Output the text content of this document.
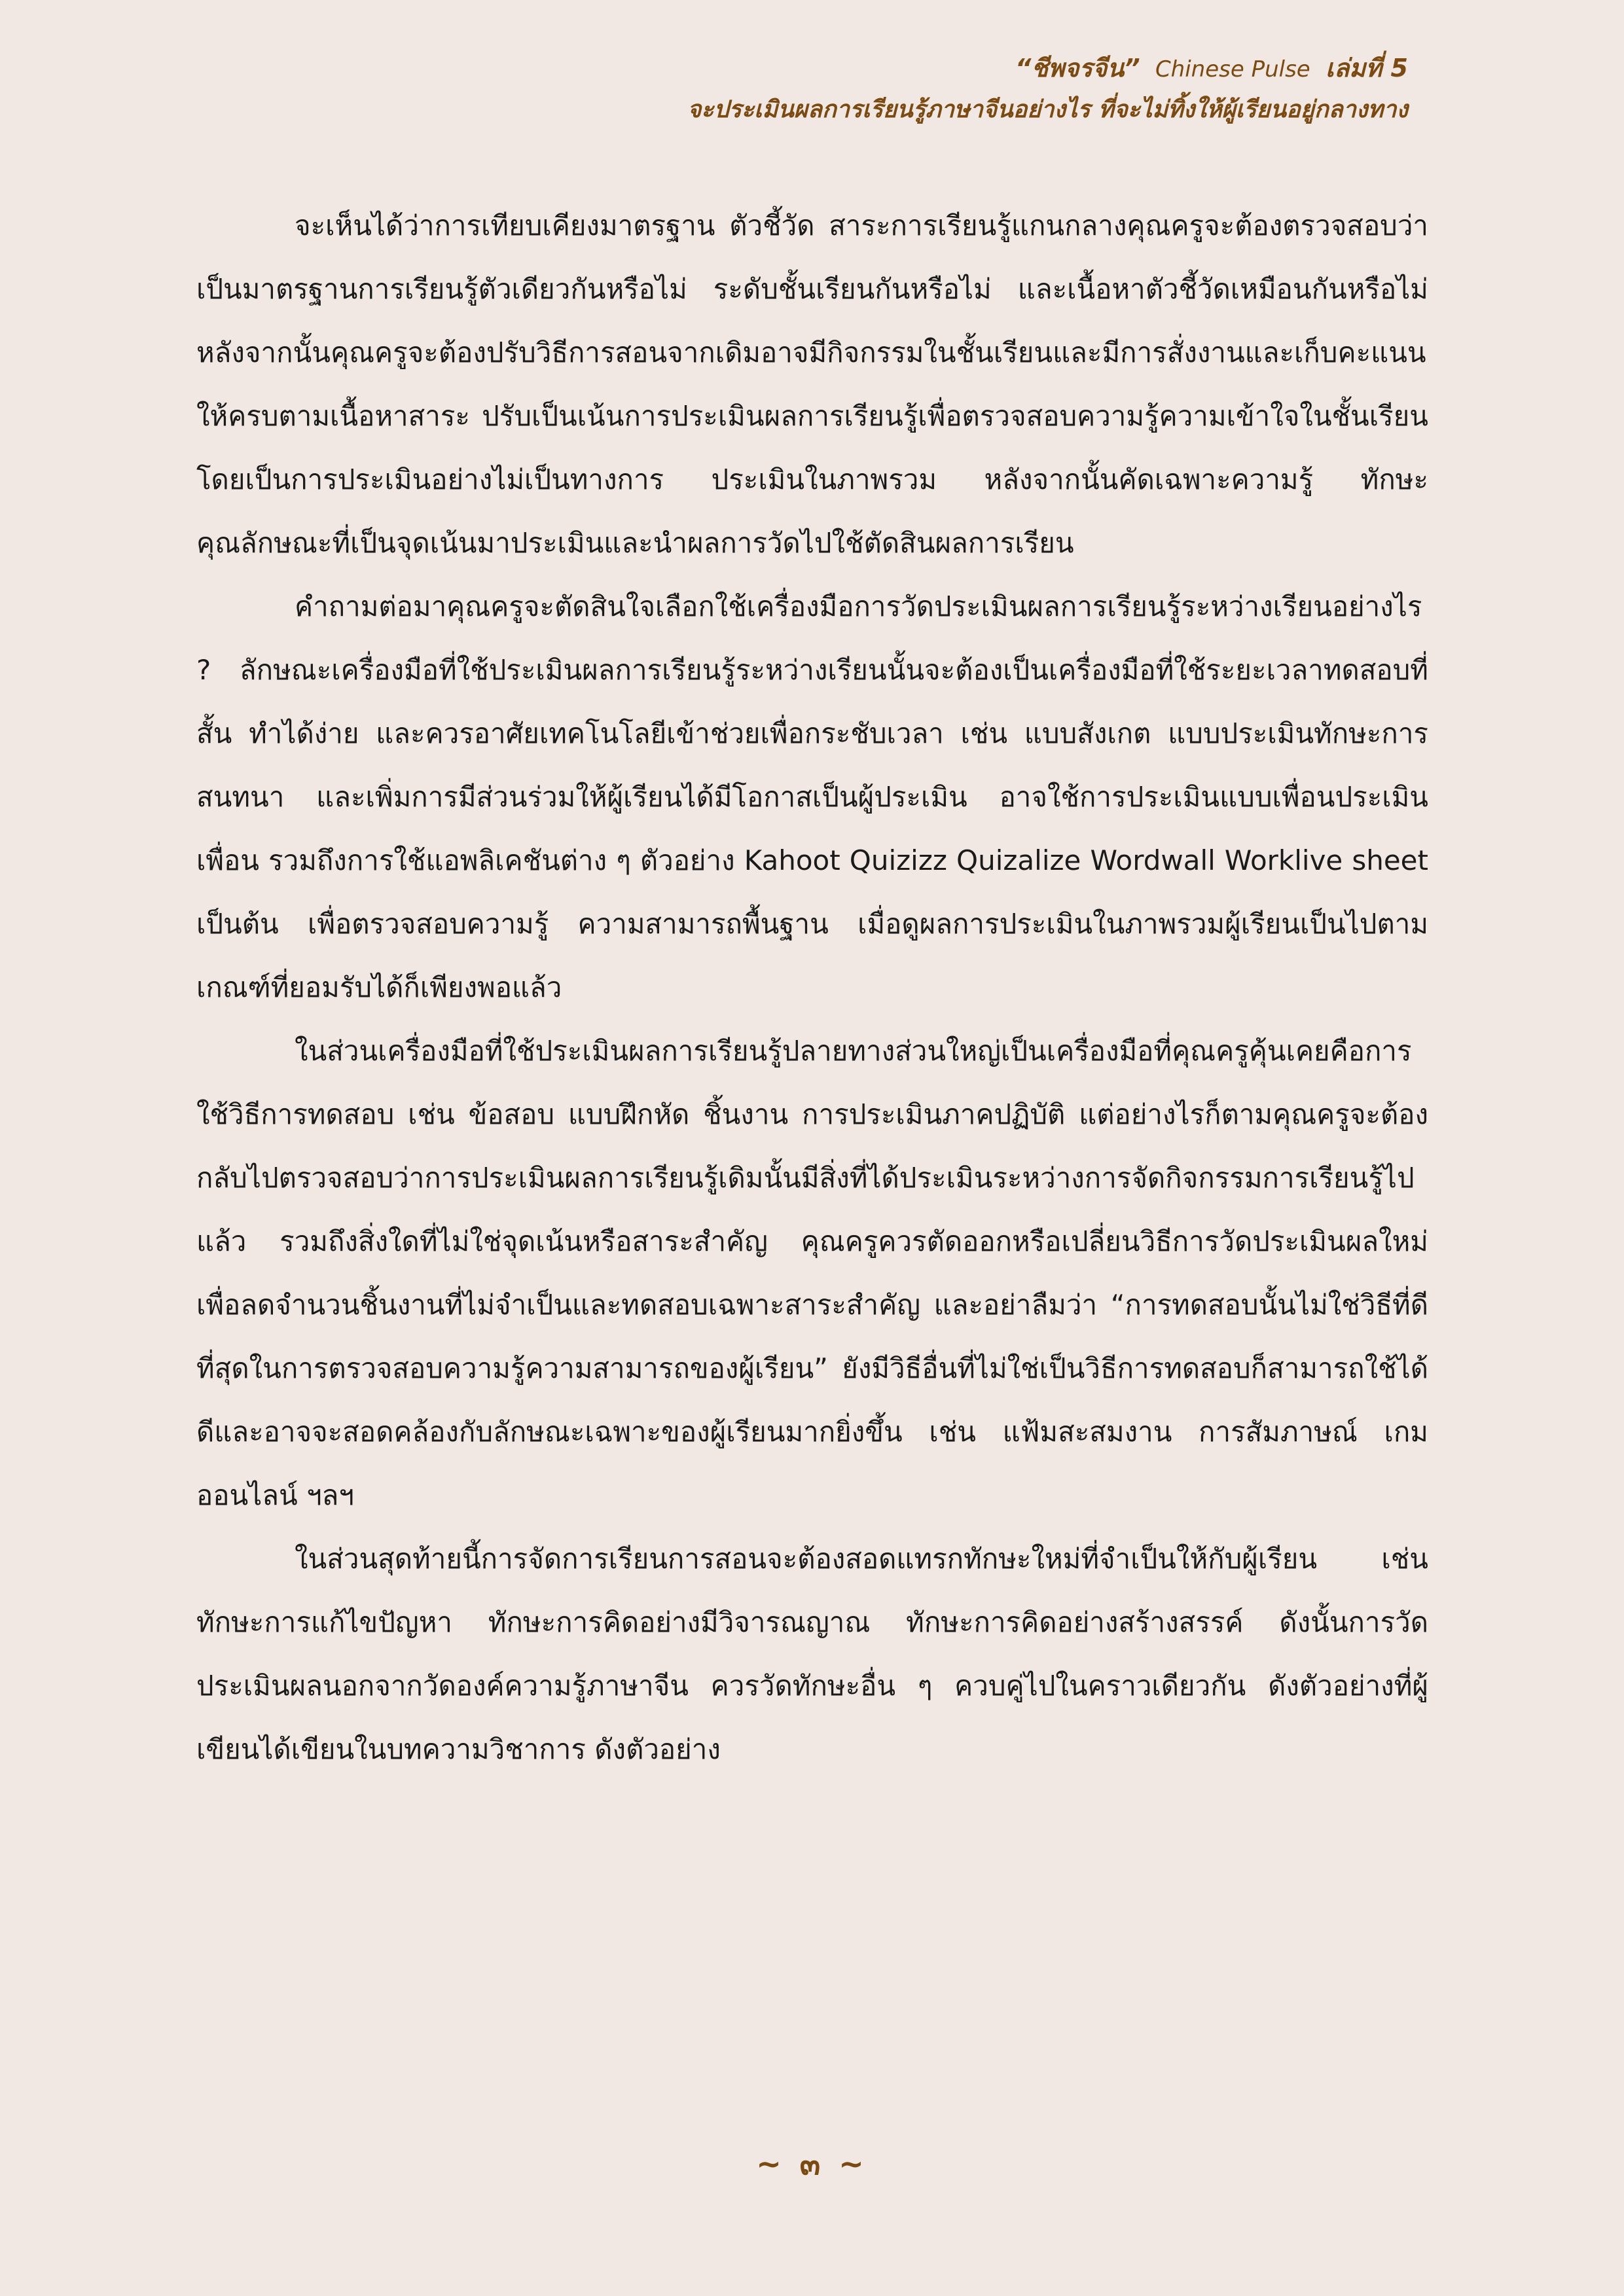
“ชีพจรจีน” Chinese Pulse เล่มที่ 5
จะประเมินผลการเรียนรู้ภาษาจีนอย่างไร ที่จะไม่ทิ้งให้ผู้เรียนอยู่กลางทาง

จะเห็นได้ว่าการเทียบเคียงมาตรฐาน ตัวชี้วัด สาระการเรียนรู้แกนกลางคุณครูจะต้องตรวจสอบว่า เป็นมาตรฐานการเรียนรู้ตัวเดียวกันหรือไม่ ระดับชั้นเรียนกันหรือไม่ และเนื้อหาตัวชี้วัดเหมือนกันหรือไม่ หลังจากนั้นคุณครูจะต้องปรับวิธีการสอนจากเดิมอาจมีกิจกรรมในชั้นเรียนและมีการสั่งงานและเก็บคะแนนให้ครบตามเนื้อหาสาระ ปรับเป็นเน้นการประเมินผลการเรียนรู้เพื่อตรวจสอบความรู้ความเข้าใจในชั้นเรียน โดยเป็นการประเมินอย่างไม่เป็นทางการ ประเมินในภาพรวม หลังจากนั้นคัดเฉพาะความรู้ ทักษะ คุณลักษณะที่เป็นจุดเน้นมาประเมินและนำผลการวัดไปใช้ตัดสินผลการเรียน

คำถามต่อมาคุณครูจะตัดสินใจเลือกใช้เครื่องมือการวัดประเมินผลการเรียนรู้ระหว่างเรียนอย่างไร ? ลักษณะเครื่องมือที่ใช้ประเมินผลการเรียนรู้ระหว่างเรียนนั้นจะต้องเป็นเครื่องมือที่ใช้ระยะเวลาทดสอบที่สั้น ทำได้ง่าย และควรอาศัยเทคโนโลยีเข้าช่วยเพื่อกระชับเวลา เช่น แบบสังเกต แบบประเมินทักษะการสนทนา และเพิ่มการมีส่วนร่วมให้ผู้เรียนได้มีโอกาสเป็นผู้ประเมิน อาจใช้การประเมินแบบเพื่อนประเมินเพื่อน รวมถึงการใช้แอพลิเคชันต่าง ๆ ตัวอย่าง Kahoot Quizizz Quizalize Wordwall Worklive sheet เป็นต้น เพื่อตรวจสอบความรู้ ความสามารถพื้นฐาน เมื่อดูผลการประเมินในภาพรวมผู้เรียนเป็นไปตามเกณฑ์ที่ยอมรับได้ก็เพียงพอแล้ว

ในส่วนเครื่องมือที่ใช้ประเมินผลการเรียนรู้ปลายทางส่วนใหญ่เป็นเครื่องมือที่คุณครูคุ้นเคยคือการใช้วิธีการทดสอบ เช่น ข้อสอบ แบบฝึกหัด ชิ้นงาน การประเมินภาคปฏิบัติ แต่อย่างไรก็ตามคุณครูจะต้องกลับไปตรวจสอบว่าการประเมินผลการเรียนรู้เดิมนั้นมีสิ่งที่ได้ประเมินระหว่างการจัดกิจกรรมการเรียนรู้ไปแล้ว รวมถึงสิ่งใดที่ไม่ใช่จุดเน้นหรือสาระสำคัญ คุณครูควรตัดออกหรือเปลี่ยนวิธีการวัดประเมินผลใหม่ เพื่อลดจำนวนชิ้นงานที่ไม่จำเป็นและทดสอบเฉพาะสาระสำคัญ และอย่าลืมว่า “การทดสอบนั้นไม่ใช่วิธีที่ดีที่สุดในการตรวจสอบความรู้ความสามารถของผู้เรียน” ยังมีวิธีอื่นที่ไม่ใช่เป็นวิธีการทดสอบก็สามารถใช้ได้ดีและอาจจะสอดคล้องกับลักษณะเฉพาะของผู้เรียนมากยิ่งขึ้น เช่น แฟ้มสะสมงาน การสัมภาษณ์ เกมออนไลน์ ฯลฯ

ในส่วนสุดท้ายนี้การจัดการเรียนการสอนจะต้องสอดแทรกทักษะใหม่ที่จำเป็นให้กับผู้เรียน เช่น ทักษะการแก้ไขปัญหา ทักษะการคิดอย่างมีวิจารณญาณ ทักษะการคิดอย่างสร้างสรรค์ ดังนั้นการวัดประเมินผลนอกจากวัดองค์ความรู้ภาษาจีน ควรวัดทักษะอื่น ๆ ควบคู่ไปในคราวเดียวกัน ดังตัวอย่างที่ผู้เขียนได้เขียนในบทความวิชาการ ดังตัวอย่าง

~ ๓ ~
